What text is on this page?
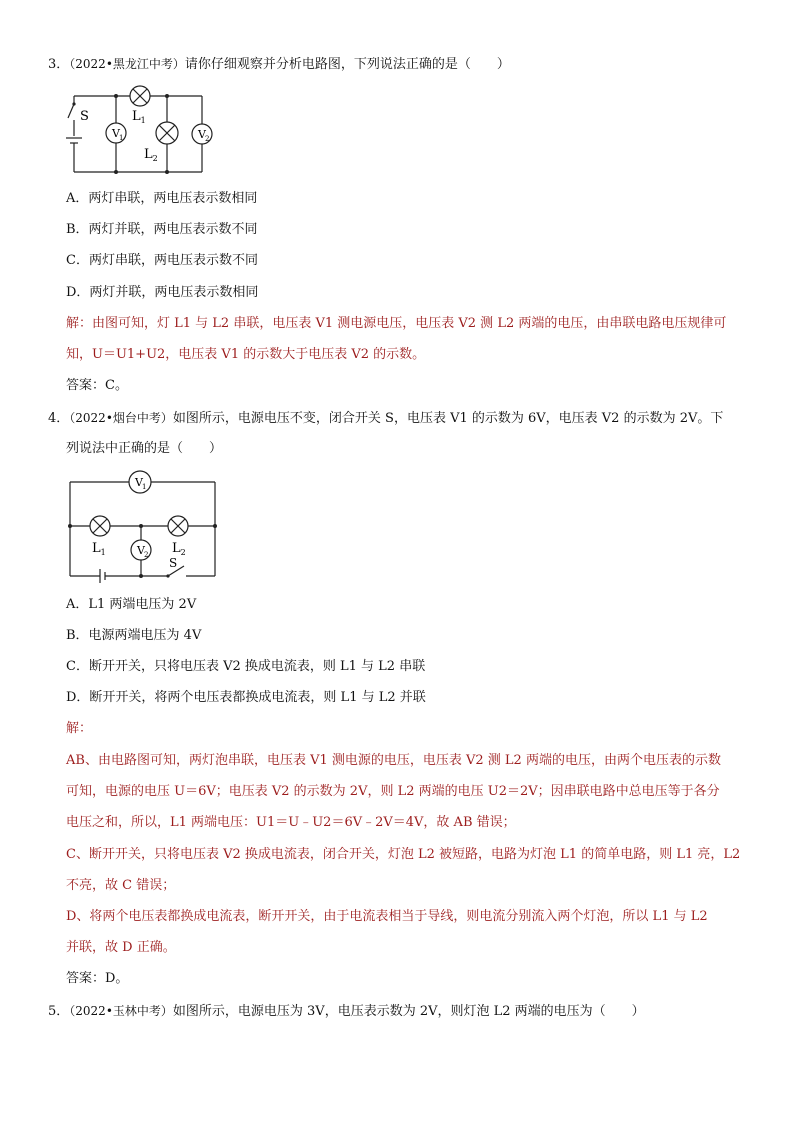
3．（2022•黑龙江中考）请你仔细观察并分析电路图，下列说法正确的是（　　）
V 1	V 2
S	$L_1$
$L_2$
A．两灯串联，两电压表示数相同
B．两灯并联，两电压表示数不同
C．两灯串联，两电压表示数不同
D．两灯并联，两电压表示数相同
解：由图可知，灯 L1 与 L2 串联，电压表 V1 测电源电压，电压表 V2 测 L2 两端的电压，由串联电路电压规律可
知，U＝U1+U2，电压表 V1 的示数大于电压表 V2 的示数。
答案：C。
4．（2022•烟台中考）如图所示，电源电压不变，闭合开关 S，电压表 V1 的示数为 6V，电压表 V2 的示数为 2V。下
列说法中正确的是（　　）
V 1
V 2
$L_1$	$L_2$
S
A．L1 两端电压为 2V
B．电源两端电压为 4V
C．断开开关，只将电压表 V2 换成电流表，则 L1 与 L2 串联
D．断开开关，将两个电压表都换成电流表，则 L1 与 L2 并联
解：
AB、由电路图可知，两灯泡串联，电压表 V1 测电源的电压，电压表 V2 测 L2 两端的电压，由两个电压表的示数
可知，电源的电压 U＝6V；电压表 V2 的示数为 2V，则 L2 两端的电压 U2＝2V；因串联电路中总电压等于各分
电压之和，所以，L1 两端电压：U1＝U﹣U2＝6V﹣2V＝4V，故 AB 错误；
C、断开开关，只将电压表 V2 换成电流表，闭合开关，灯泡 L2 被短路，电路为灯泡 L1 的简单电路，则 L1 亮，L2
不亮，故 C 错误；
D、将两个电压表都换成电流表，断开开关，由于电流表相当于导线，则电流分别流入两个灯泡，所以 L1 与 L2
并联，故 D 正确。
答案：D。
5．（2022•玉林中考）如图所示，电源电压为 3V，电压表示数为 2V，则灯泡 L2 两端的电压为（　　）
